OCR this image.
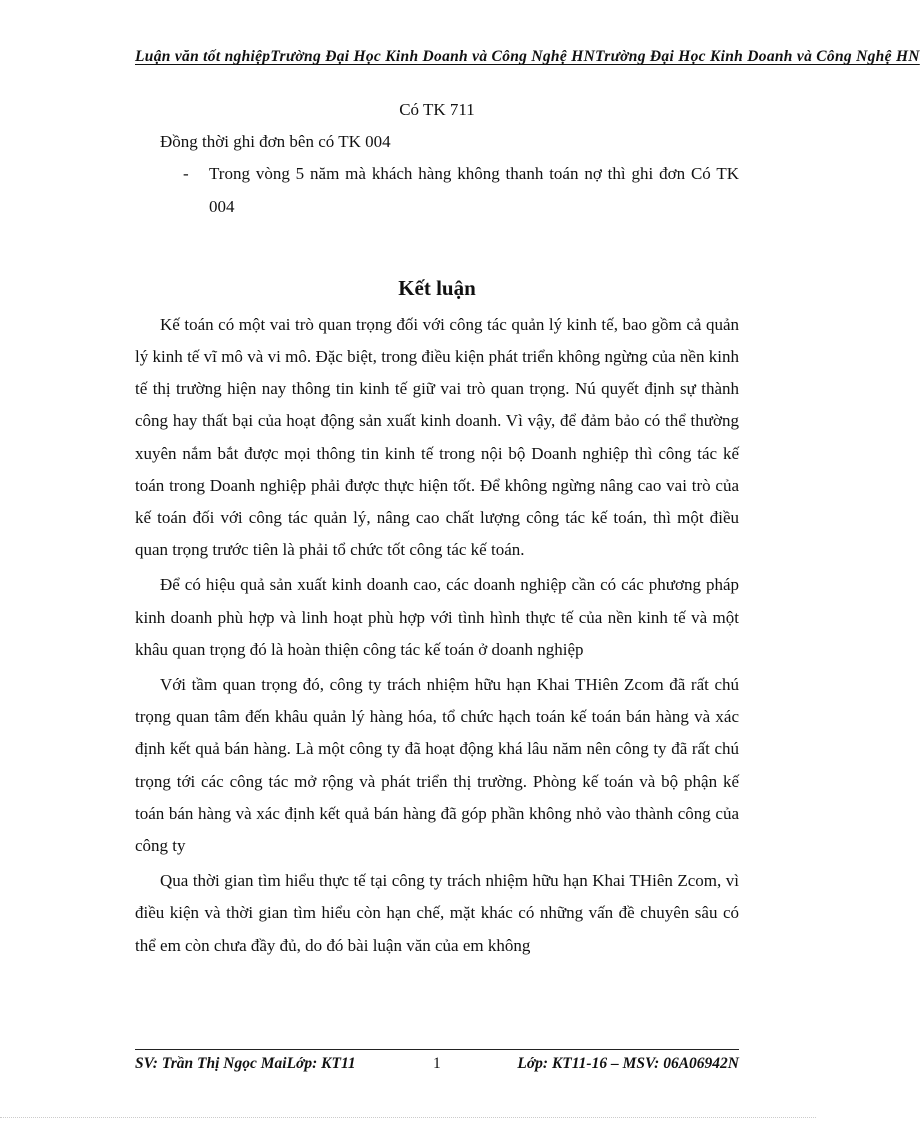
Luận văn tốt nghiệpTrường Đại Học Kinh Doanh và Công Nghệ HNTrường Đại Học Kinh Doanh và Công Nghệ HN
Có TK 711
Đồng thời ghi đơn bên có TK 004
- Trong vòng 5 năm mà khách hàng không thanh toán nợ thì ghi đơn Có TK 004
Kết luận

Kế toán có một vai trò quan trọng đối với công tác quản lý kinh tế, bao gồm cả quản lý kinh tế vĩ mô và vi mô. Đặc biệt, trong điều kiện phát triển không ngừng của nền kinh tế thị trường hiện nay thông tin kinh tế giữ vai trò quan trọng. Nú quyết định sự thành công hay thất bại của hoạt động sản xuất kinh doanh. Vì vậy, để đảm bảo có thể thường xuyên nắm bắt được mọi thông tin kinh tế trong nội bộ Doanh nghiệp thì công tác kế toán trong Doanh nghiệp phải được thực hiện tốt. Để không ngừng nâng cao vai trò của kế toán đối với công tác quản lý, nâng cao chất lượng công tác kế toán, thì một điều quan trọng trước tiên là phải tổ chức tốt công tác kế toán.

Để có hiệu quả sản xuất kinh doanh cao, các doanh nghiệp cần có các phương pháp kinh doanh phù hợp và linh hoạt phù hợp với tình hình thực tế của nền kinh tế và một khâu quan trọng đó là hoàn thiện công tác kế toán ở doanh nghiệp

Với tầm quan trọng đó, công ty trách nhiệm hữu hạn Khai THiên Zcom đã rất chú trọng quan tâm đến khâu quản lý hàng hóa, tổ chức hạch toán kế toán bán hàng và xác định kết quả bán hàng. Là một công ty đã hoạt động khá lâu năm nên công ty đã rất chú trọng tới các công tác mở rộng và phát triển thị trường. Phòng kế toán và bộ phận kế toán bán hàng và xác định kết quả bán hàng đã góp phần không nhỏ vào thành công của công ty

Qua thời gian tìm hiểu thực tế tại công ty trách nhiệm hữu hạn Khai THiên Zcom, vì điều kiện và thời gian tìm hiểu còn hạn chế, mặt khác có những vấn đề chuyên sâu có thể em còn chưa đầy đủ, do đó bài luận văn của em không

SV: Trần Thị Ngọc MaiLớp: KT11	1	Lớp: KT11-16 – MSV: 06A06942N
